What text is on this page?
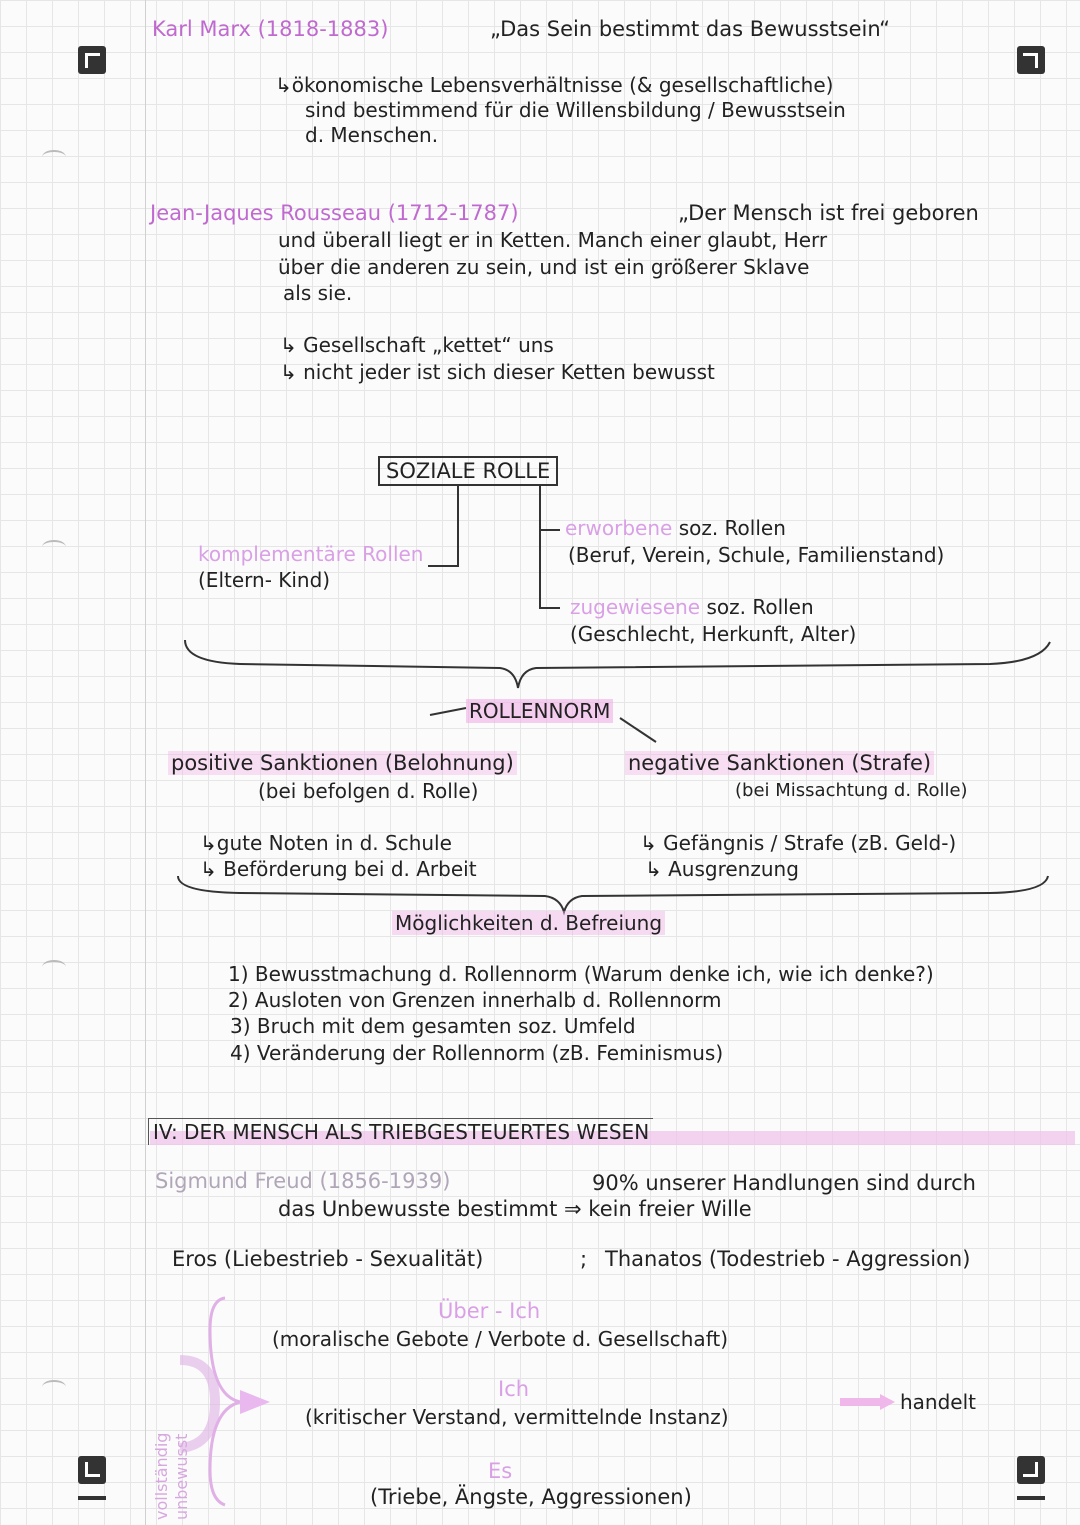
Karl Marx (1818-1883)	„Das Sein bestimmt das Bewusstsein“
↳ökonomische Lebensverhältnisse (& gesellschaftliche)
sind bestimmend für die Willensbildung / Bewusstsein
d. Menschen.
Jean-Jaques Rousseau (1712-1787)	„Der Mensch ist frei geboren
und überall liegt er in Ketten. Manch einer glaubt, Herr
über die anderen zu sein, und ist ein größerer Sklave
als sie.
↳ Gesellschaft „kettet“ uns
↳ nicht jeder ist sich dieser Ketten bewusst
SOZIALE ROLLE
komplementäre Rollen
(Eltern- Kind)
erworbene soz. Rollen
(Beruf, Verein, Schule, Familienstand)
zugewiesene soz. Rollen
(Geschlecht, Herkunft, Alter)
ROLLENNORM
positive Sanktionen (Belohnung)
(bei befolgen d. Rolle)
negative Sanktionen (Strafe)
(bei Missachtung d. Rolle)
↳gute Noten in d. Schule
↳ Beförderung bei d. Arbeit
↳ Gefängnis / Strafe (zB. Geld-)
↳ Ausgrenzung
Möglichkeiten d. Befreiung
1) Bewusstmachung d. Rollennorm (Warum denke ich, wie ich denke?)
2) Ausloten von Grenzen innerhalb d. Rollennorm
3) Bruch mit dem gesamten soz. Umfeld
4) Veränderung der Rollennorm (zB. Feminismus)
IV: DER MENSCH ALS TRIEBGESTEUERTES WESEN
Sigmund Freud (1856-1939)	90% unserer Handlungen sind durch
das Unbewusste bestimmt ⇒ kein freier Wille
Eros (Liebestrieb - Sexualität)	; Thanatos (Todestrieb - Aggression)
Über - Ich
(moralische Gebote / Verbote d. Gesellschaft)
Ich
(kritischer Verstand, vermittelnde Instanz)
handelt
Es
(Triebe, Ängste, Aggressionen)
vollständig unbewusst
